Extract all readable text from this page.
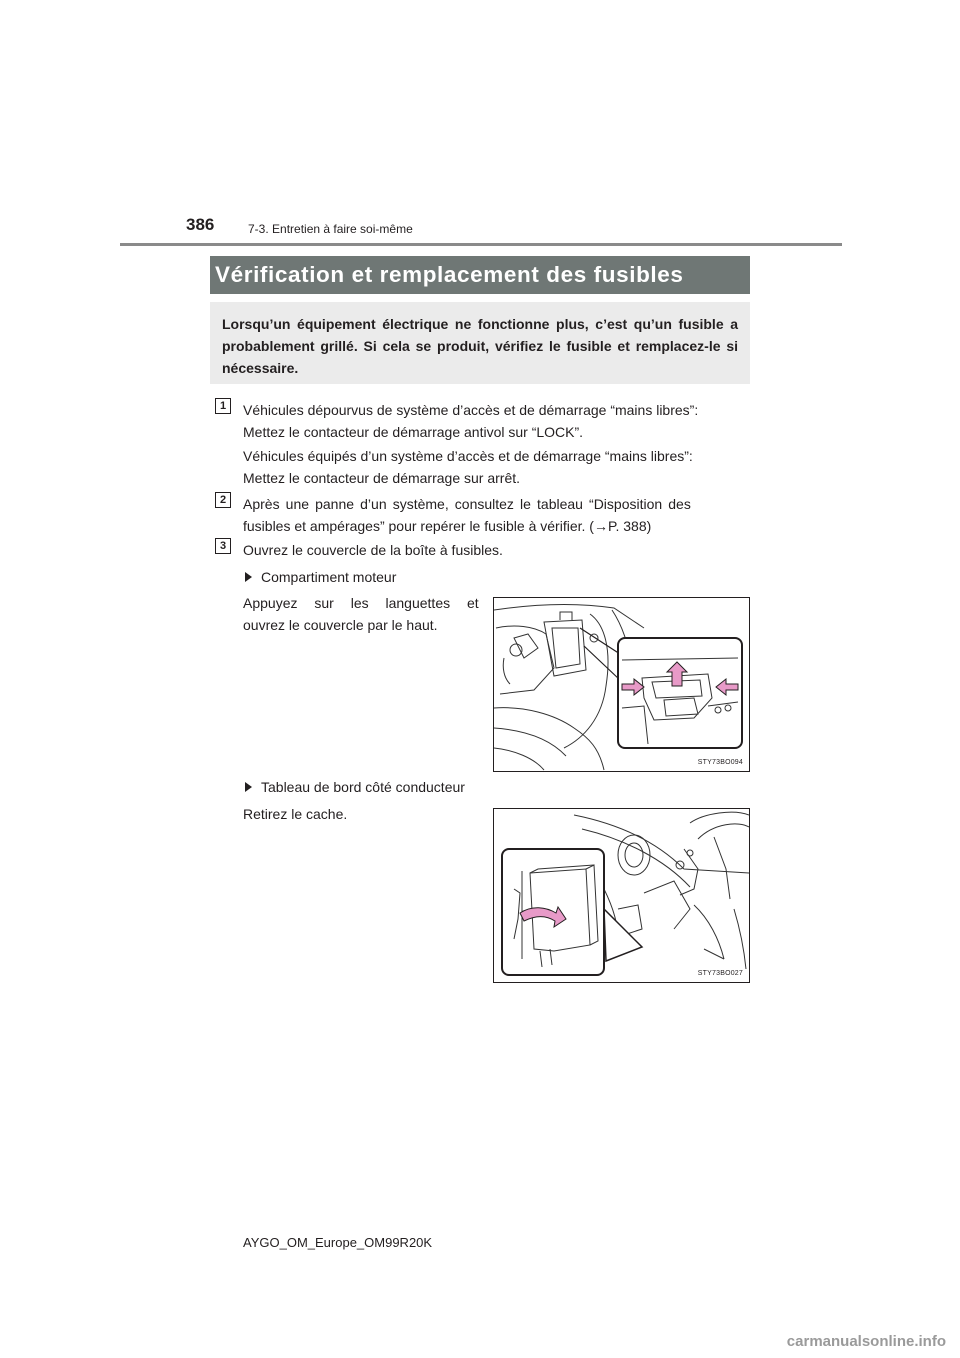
386	7-3. Entretien à faire soi-même
Vérification et remplacement des fusibles
Lorsqu’un équipement électrique ne fonctionne plus, c’est qu’un fusible a probablement grillé. Si cela se produit, vérifiez le fusible et remplacez-le si nécessaire.
1	Véhicules dépourvus de système d’accès et de démarrage “mains libres”:
Mettez le contacteur de démarrage antivol sur “LOCK”.
Véhicules équipés d’un système d’accès et de démarrage “mains libres”:
Mettez le contacteur de démarrage sur arrêt.
2	Après une panne d’un système, consultez le tableau “Disposition des
fusibles et ampérages” pour repérer le fusible à vérifier. (→P. 388)
3	Ouvrez le couvercle de la boîte à fusibles.
Compartiment moteur
Appuyez sur les languettes et
ouvrez le couvercle par le haut.
STY73BO094
Tableau de bord côté conducteur
Retirez le cache.
STY73BO027
AYGO_OM_Europe_OM99R20K
carmanualsonline.info
